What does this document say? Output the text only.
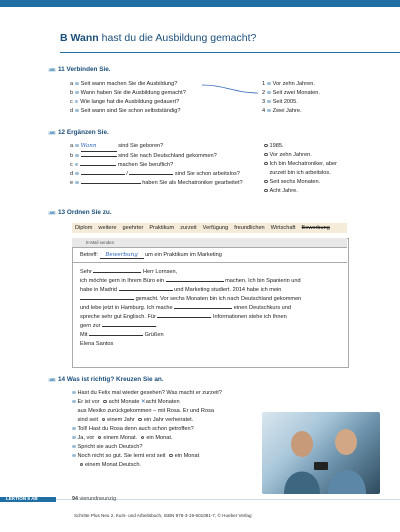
B Wann hast du die Ausbildung gemacht?
AB 11 Verbinden Sie.
a Seit wann machen Sie die Ausbildung?
b Wann haben Sie die Ausbildung gemacht?
c Wie lange hat die Ausbildung gedauert?
d Seit wann sind Sie schon selbstständig?
1 Vor zehn Jahren.
2 Seit zwei Monaten.
3 Seit 2005.
4 Zwei Jahre.
AB 12 Ergänzen Sie.
a Wann	sind Sie geboren?
b	sind Sie nach Deutschland gekommen?
c	machen Sie beruflich?
d	/	sind Sie schon arbeitslos?
e	haben Sie als Mechatroniker gearbeitet?
1985.
Vor zehn Jahren.
Ich bin Mechatroniker, aber
zurzeit bin ich arbeitslos.
Seit sechs Monaten.
Acht Jahre.
AB 13 Ordnen Sie zu.
Diplom weitere geehrter Praktikum zurzeit Verfügung freundlichen Wirtschaft Bewerbung
E-Mail senden
Betreff: Bewerbung um ein Praktikum im Marketing
Sehr	Herr Lornsen,
ich möchte gern in Ihrem Büro ein	machen. Ich bin Spanierin und
habe in Madrid	und Marketing studiert. 2014 habe ich mein
gemacht. Vor sechs Monaten bin ich nach Deutschland gekommen
und lebe jetzt in Hamburg. Ich mache	einen Deutschkurs und
spreche sehr gut Englisch. Für	Informationen stehe ich Ihnen
gern zur	.
Mit	Grüßen
Elena Santos
AB 14 Was ist richtig? Kreuzen Sie an.
Hast du Felix mal wieder gesehen? Was macht er zurzeit?
Er ist vor acht Monate ✕acht Monaten
aus Mexiko zurückgekommen – mit Rosa. Er und Rosa
sind seit einem Jahr ein Jahr verheiratet.
Toll! Hast du Rosa denn auch schon getroffen?
Ja, vor einem Monat. ein Monat.
Spricht sie auch Deutsch?
Noch nicht so gut. Sie lernt erst seit ein Monat
einem Monat Deutsch.
LEKTION 8 AB	94 vierundneunzig
Schritte Plus Neu 2, Kurs- und Arbeitsbuch, ISBN 978-3-19-601081-7, © Hueber Verlag
